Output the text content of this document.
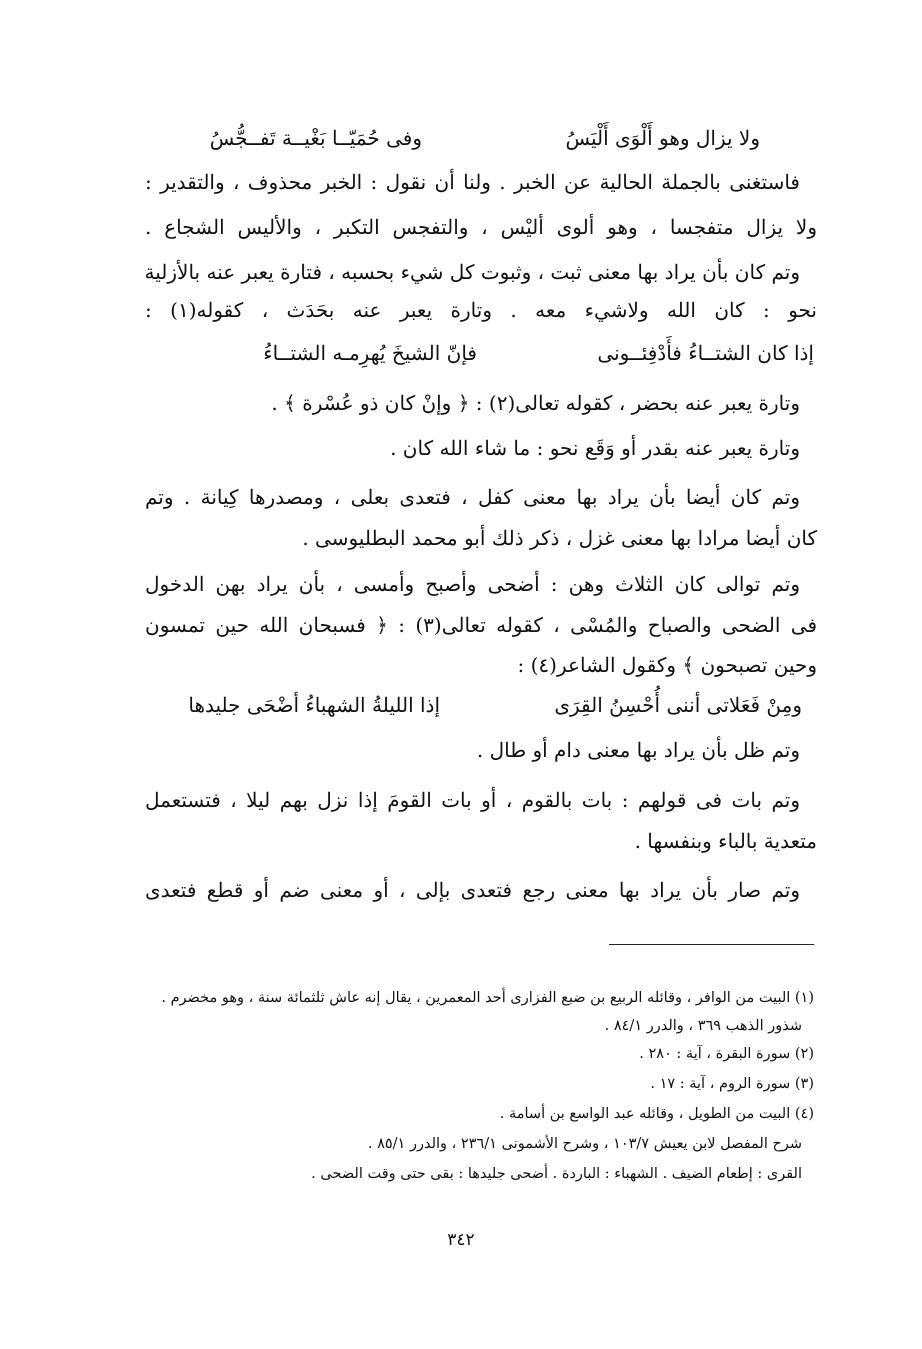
وفى حُمَيّــا بَغْيــة تَفــجُّسُ	ولا يزال وهو أَلْوَى أَلْيَسُ
فاستغنى بالجملة الحالية عن الخبر . ولنا أن نقول : الخبر محذوف ، والتقدير :
ولا يزال متفجسا ، وهو ألوى أليْس ، والتفجس التكبر ، والأليس الشجاع .
وتم كان بأن يراد بها معنى ثبت ، وثبوت كل شيء بحسبه ، فتارة يعبر عنه بالأزلية
نحو : كان الله ولاشيء معه . وتارة يعبر عنه بحَدَث ، كقوله(١) :
إذا كان الشتــاءُ فأَدْفِئــونى
فإنّ الشيخَ يُهرِمـه الشتــاءُ
وتارة يعبر عنه بحضر ، كقوله تعالى(٢) : ﴿ وإنْ كان ذو عُسْرة ﴾ .
وتارة يعبر عنه بقدر أو وَقَع نحو : ما شاء الله كان .
وتم كان أيضا بأن يراد بها معنى كفل ، فتعدى بعلى ، ومصدرها كِيانة . وتم
كان أيضا مرادا بها معنى غزل ، ذكر ذلك أبو محمد البطليوسى .
وتم توالى كان الثلاث وهن : أضحى وأصبح وأمسى ، بأن يراد بهن الدخول
فى الضحى والصباح والمُسْى ، كقوله تعالى(٣) : ﴿ فسبحان الله حين تمسون
وحين تصبحون ﴾ وكقول الشاعر(٤) :
ومِنْ فَعَلاتى أننى أُحْسِنُ القِرَى
إذا الليلةُ الشهباءُ أضْحَى جليدها
وتم ظل بأن يراد بها معنى دام أو طال .
وتم بات فى قولهم : بات بالقوم ، أو بات القومَ إذا نزل بهم ليلا ، فتستعمل
متعدية بالباء وبنفسها .
وتم صار بأن يراد بها معنى رجع فتعدى بإلى ، أو معنى ضم أو قطع فتعدى
(١) البيت من الوافر ، وقائله الربيع بن ضبع الفزارى أحد المعمرين ، يقال إنه عاش ثلثمائة سنة ، وهو مخضرم .
شذور الذهب ٣٦٩ ، والدرر ٨٤/١ .
(٢) سورة البقرة ، آية : ٢٨٠ .
(٣) سورة الروم ، آية : ١٧ .
(٤) البيت من الطويل ، وقائله عبد الواسع بن أسامة .
شرح المفصل لابن يعيش ١٠٣/٧ ، وشرح الأشمونى ٢٣٦/١ ، والدرر ٨٥/١ .
القرى : إطعام الضيف . الشهباء : الباردة . أضحى جليدها : بقى حتى وقت الضحى .
٣٤٢
